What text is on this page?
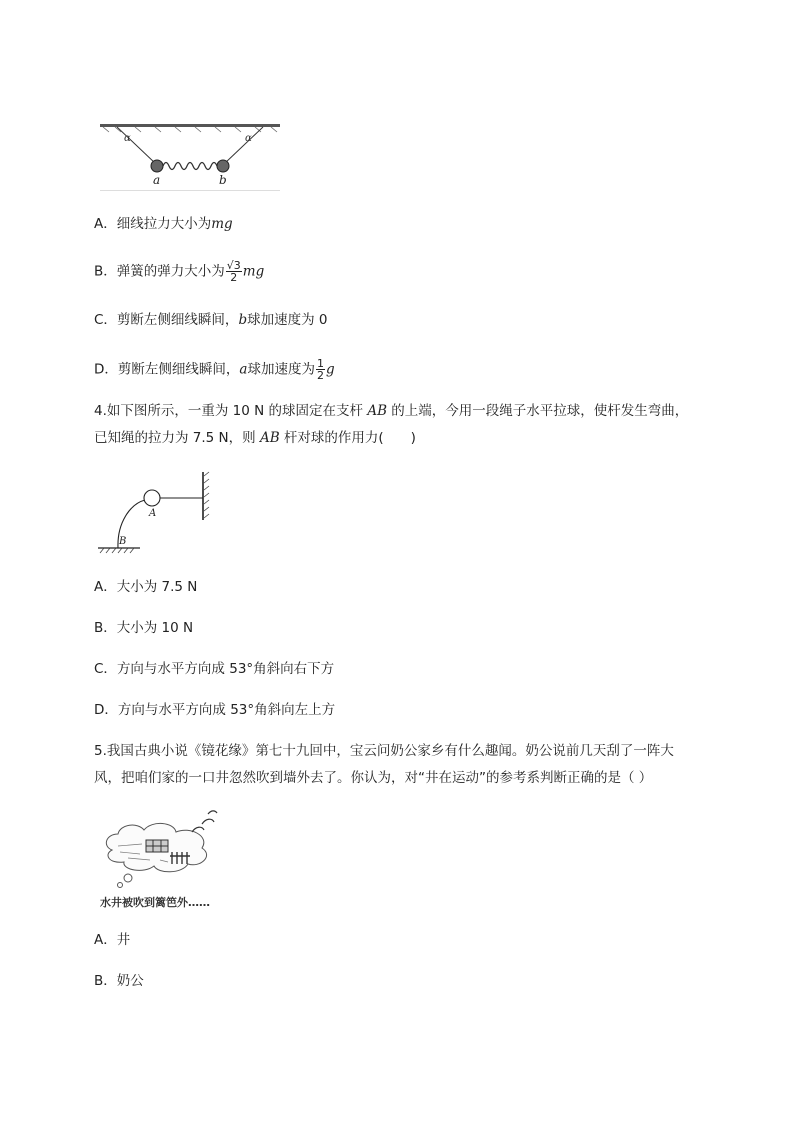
α	α
a	b
A．细线拉力大小为mg
B．弹簧的弹力大小为 $\frac{√3}{2}$ mg
C．剪断左侧细线瞬间，b球加速度为 0
D．剪断左侧细线瞬间，a球加速度为 $\frac{1}{2}$ g
4.如下图所示，一重为 10 N 的球固定在支杆 AB 的上端，今用一段绳子水平拉球，使杆发生弯曲，
已知绳的拉力为 7.5 N，则 AB 杆对球的作用力(　　)
A
B
A．大小为 7.5 N
B．大小为 10 N
C．方向与水平方向成 53°角斜向右下方
D．方向与水平方向成 53°角斜向左上方
5.我国古典小说《镜花缘》第七十九回中，宝云问奶公家乡有什么趣闻。奶公说前几天刮了一阵大
风，把咱们家的一口井忽然吹到墙外去了。你认为，对“井在运动”的参考系判断正确的是（ ）
水井被吹到篱笆外……
A．井
B．奶公
